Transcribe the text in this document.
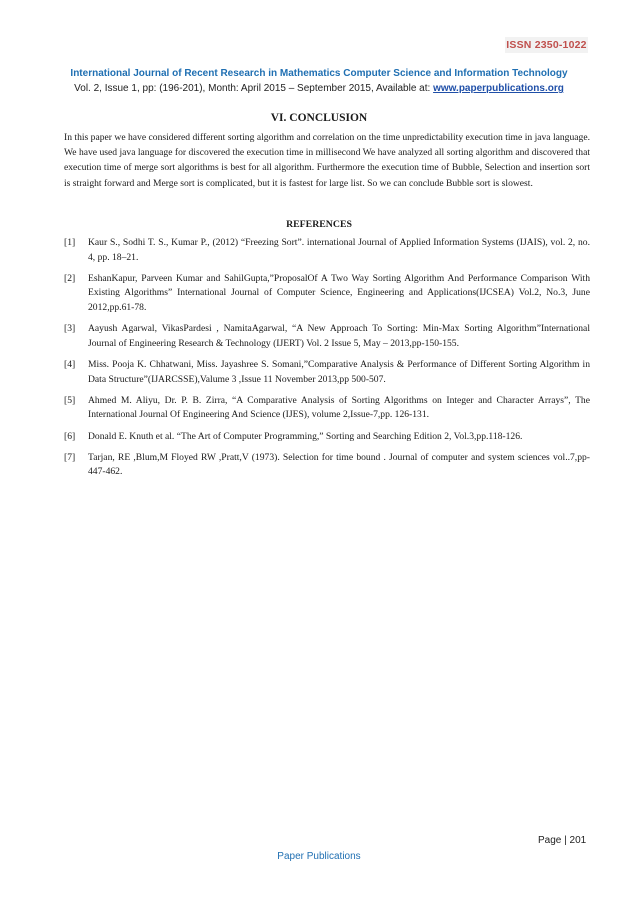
ISSN 2350-1022
International Journal of Recent Research in Mathematics Computer Science and Information Technology
Vol. 2, Issue 1, pp: (196-201), Month: April 2015 – September 2015, Available at: www.paperpublications.org
VI. CONCLUSION
In this paper we have considered different sorting algorithm and correlation on the time unpredictability execution time in java language. We have used java language for discovered the execution time in millisecond We have analyzed all sorting algorithm and discovered that execution time of merge sort algorithms is best for all algorithm. Furthermore the execution time of Bubble, Selection and insertion sort is straight forward and Merge sort is complicated, but it is fastest for large list. So we can conclude Bubble sort is slowest.
REFERENCES
[1] Kaur S., Sodhi T. S., Kumar P., (2012) “Freezing Sort”. international Journal of Applied Information Systems (IJAIS), vol. 2, no. 4, pp. 18–21.
[2] EshanKapur, Parveen Kumar and SahilGupta,”ProposalOf A Two Way Sorting Algorithm And Performance Comparison With Existing Algorithms” International Journal of Computer Science, Engineering and Applications(IJCSEA) Vol.2, No.3, June 2012,pp.61-78.
[3] Aayush Agarwal, VikasPardesi , NamitaAgarwal, “A New Approach To Sorting: Min-Max Sorting Algorithm”International Journal of Engineering Research & Technology (IJERT) Vol. 2 Issue 5, May – 2013,pp-150-155.
[4] Miss. Pooja K. Chhatwani, Miss. Jayashree S. Somani,”Comparative Analysis & Performance of Different Sorting Algorithm in Data Structure”(IJARCSSE),Valume 3 ,Issue 11 November 2013,pp 500-507.
[5] Ahmed M. Aliyu, Dr. P. B. Zirra, “A Comparative Analysis of Sorting Algorithms on Integer and Character Arrays”, The International Journal Of Engineering And Science (IJES), volume 2,Issue-7,pp. 126-131.
[6] Donald E. Knuth et al. “The Art of Computer Programming,” Sorting and Searching Edition 2, Vol.3,pp.118-126.
[7] Tarjan, RE ,Blum,M Floyed RW ,Pratt,V (1973). Selection for time bound . Journal of computer and system sciences vol..7,pp-447-462.
Page | 201
Paper Publications
